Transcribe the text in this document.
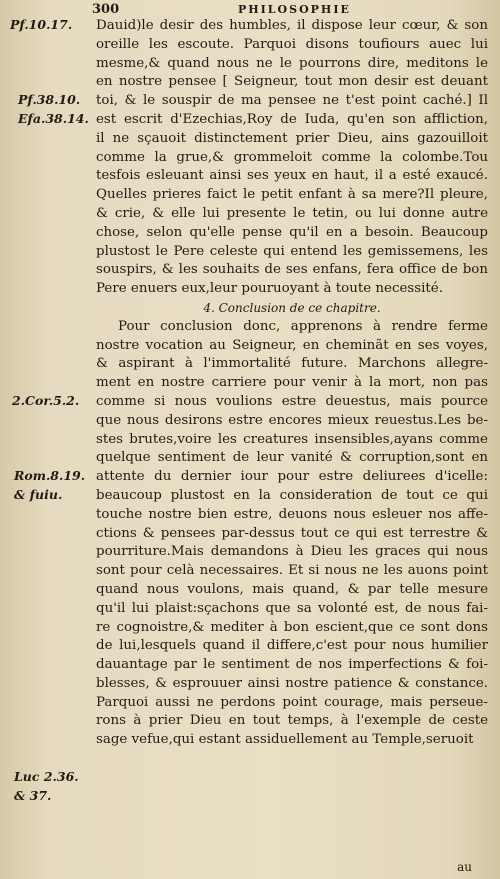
300	PHILOSOPHIE
Pf.10.17.
Pf.38.10.
Efa.38.14.
2.Cor.5.2.
Rom.8.19.
& fuiu.
Luc 2.36.
& 37.
Dauid)le desir des humbles, il dispose leur cœur, & son
oreille les escoute. Parquoi disons toufiours auec lui
mesme,& quand nous ne le pourrons dire, meditons le
en nostre pensee [ Seigneur, tout mon desir est deuant
toi, & le souspir de ma pensee ne t'est point caché.] Il
est escrit d'Ezechias,Roy de Iuda, qu'en son affliction,
il ne sçauoit distinctement prier Dieu, ains gazouilloit
comme la grue,& grommeloit comme la colombe.Tou
tesfois esleuant ainsi ses yeux en haut, il a esté exaucé.
Quelles prieres faict le petit enfant à sa mere?Il pleure,
& crie, & elle lui presente le tetin, ou lui donne autre
chose, selon qu'elle pense qu'il en a besoin. Beaucoup
plustost le Pere celeste qui entend les gemissemens, les
souspirs, & les souhaits de ses enfans, fera office de bon
Pere enuers eux,leur pouruoyant à toute necessité.
4. Conclusion de ce chapitre.
Pour conclusion donc, apprenons à rendre ferme
nostre vocation au Seigneur, en cheminãt en ses voyes,
& aspirant à l'immortalité future. Marchons allegre-
ment en nostre carriere pour venir à la mort, non pas
comme si nous voulions estre deuestus, mais pource
que nous desirons estre encores mieux reuestus.Les be-
stes brutes,voire les creatures insensibles,ayans comme
quelque sentiment de leur vanité & corruption,sont en
attente du dernier iour pour estre deliurees d'icelle:
beaucoup plustost en la consideration de tout ce qui
touche nostre bien estre, deuons nous esleuer nos affe-
ctions & pensees par-dessus tout ce qui est terrestre &
pourriture.Mais demandons à Dieu les graces qui nous
sont pour celà necessaires. Et si nous ne les auons point
quand nous voulons, mais quand, & par telle mesure
qu'il lui plaist:sçachons que sa volonté est, de nous fai-
re cognoistre,& mediter à bon escient,que ce sont dons
de lui,lesquels quand il differe,c'est pour nous humilier
dauantage par le sentiment de nos imperfections & foi-
blesses, & esprouuer ainsi nostre patience & constance.
Parquoi aussi ne perdons point courage, mais perseue-
rons à prier Dieu en tout temps, à l'exemple de ceste
sage vefue,qui estant assiduellement au Temple,seruoit
au
